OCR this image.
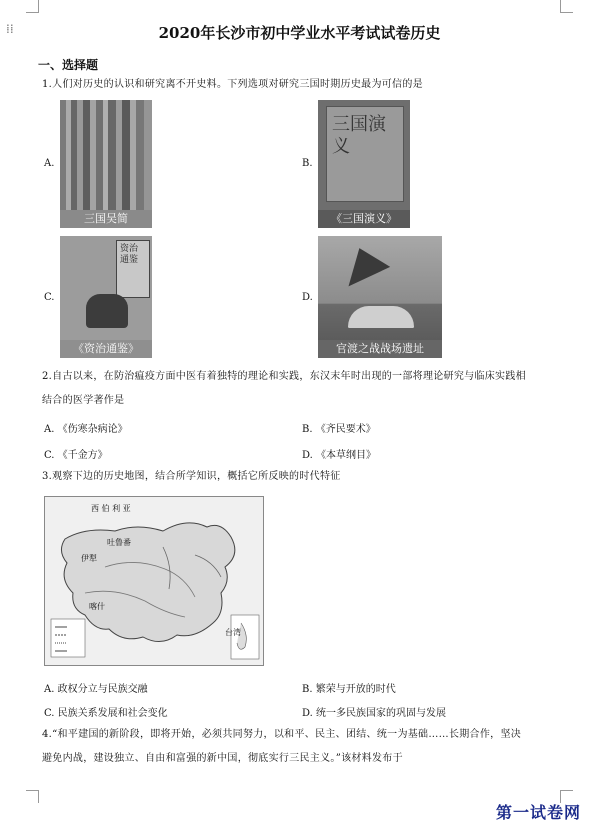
⁞⁞	2020年长沙市初中学业水平考试试卷历史
一、选择题
1.人们对历史的认识和研究离不开史料。下列选项对研究三国时期历史最为可信的是
A.
三国吴简
B.
三国演义
《三国演义》
C.
资治通鉴
《资治通鉴》
D.
官渡之战战场遗址
2.自古以来，在防治瘟疫方面中医有着独特的理论和实践，东汉末年时出现的一部将理论研究与临床实践相
结合的医学著作是
A. 《伤寒杂病论》	B. 《齐民要术》
C. 《千金方》	D. 《本草纲目》
3.观察下边的历史地图，结合所学知识，概括它所反映的时代特征
西 伯 利 亚
伊犁
吐鲁番
喀什
台湾
A. 政权分立与民族交融	B. 繁荣与开放的时代
C. 民族关系发展和社会变化	D. 统一多民族国家的巩固与发展
4.“和平建国的新阶段，即将开始，必须共同努力，以和平、民主、团结、统一为基础……长期合作，坚决
避免内战，建设独立、自由和富强的新中国，彻底实行三民主义。”该材料发布于
第一试卷网
